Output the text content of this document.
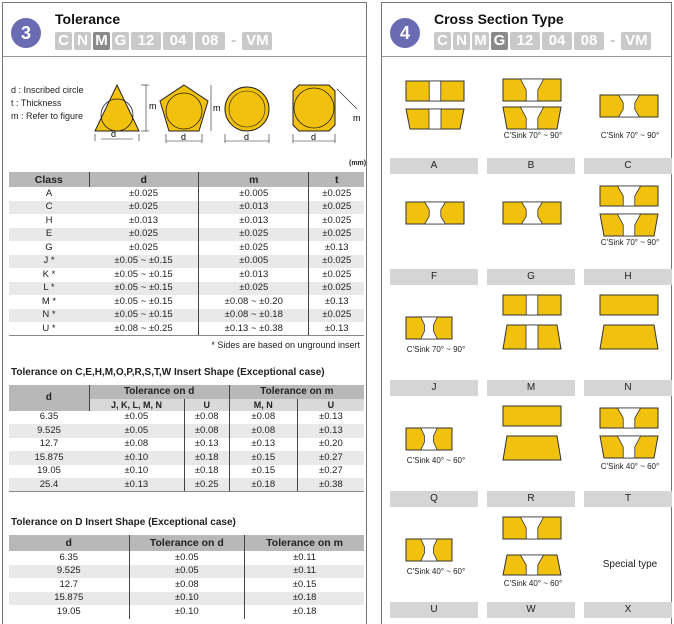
3
Tolerance
C N M G 12	04	08 - VM
d : Inscribed circle
t : Thickness
m : Refer to figure
d
m
d
m
d	d
m
(mm)
Class	d	m	t
A	±0.025	±0.005	±0.025
C	±0.025	±0.013	±0.025
H	±0.013	±0.013	±0.025
E	±0.025	±0.025	±0.025
G	±0.025	±0.025	±0.13
J *	±0.05 ~ ±0.15	±0.005	±0.025
K *	±0.05 ~ ±0.15	±0.013	±0.025
L *	±0.05 ~ ±0.15	±0.025	±0.025
M *	±0.05 ~ ±0.15	±0.08 ~ ±0.20	±0.13
N *	±0.05 ~ ±0.15	±0.08 ~ ±0.18	±0.025
U *	±0.08 ~ ±0.25	±0.13 ~ ±0.38	±0.13
* Sides are based on unground insert
Tolerance on C,E,H,M,O,P,R,S,T,W Insert Shape (Exceptional case)
d	Tolerance on d		Tolerance on m	
	J, K, L, M, N	U	M, N	U
6.35	±0.05	±0.08	±0.08	±0.13
9.525	±0.05	±0.08	±0.08	±0.13
12.7	±0.08	±0.13	±0.13	±0.20
15.875	±0.10	±0.18	±0.15	±0.27
19.05	±0.10	±0.18	±0.15	±0.27
25.4	±0.13	±0.25	±0.18	±0.38
Tolerance on D Insert Shape (Exceptional case)
d	Tolerance on d	Tolerance on m
6.35	±0.05	±0.11
9.525	±0.05	±0.11
12.7	±0.08	±0.15
15.875	±0.10	±0.18
19.05	±0.10	±0.18
4
Cross Section Type
C N M G 12	04	08 - VM
A
C'Sink 70° ~ 90°
B
C'Sink 70° ~ 90°
C
F	G
C'Sink 70° ~ 90°
H
C'Sink 70° ~ 90°
J	M	N
C'Sink 40° ~ 60°
Q	R
C'Sink 40° ~ 60°
T
C'Sink 40° ~ 60°
U
C'Sink 40° ~ 60°
W
Special type
X
